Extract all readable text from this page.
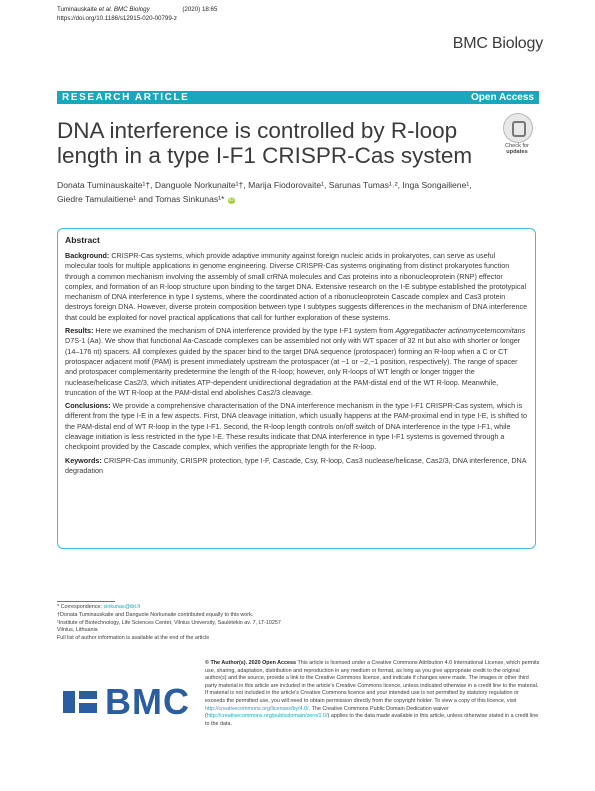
Tuminauskaite et al. BMC Biology	(2020) 18:65
https://doi.org/10.1186/s12915-020-00799-z
BMC Biology
RESEARCH ARTICLE	Open Access
DNA interference is controlled by R-loop length in a type I-F1 CRISPR-Cas system	Check for
updates
Donata Tuminauskaite¹†, Danguole Norkunaite¹†, Marija Fiodorovaite¹, Sarunas Tumas¹˒², Inga Songailiene¹,
Giedre Tamulaitiene¹ and Tomas Sinkunas¹* iD
Abstract

Background: CRISPR-Cas systems, which provide adaptive immunity against foreign nucleic acids in prokaryotes, can serve as useful molecular tools for multiple applications in genome engineering. Diverse CRISPR-Cas systems originating from distinct prokaryotes function through a common mechanism involving the assembly of small crRNA molecules and Cas proteins into a ribonucleoprotein (RNP) effector complex, and formation of an R-loop structure upon binding to the target DNA. Extensive research on the I-E subtype established the prototypical mechanism of DNA interference in type I systems, where the coordinated action of a ribonucleoprotein Cascade complex and Cas3 protein destroys foreign DNA. However, diverse protein composition between type I subtypes suggests differences in the mechanism of DNA interference that could be exploited for novel practical applications that call for further exploration of these systems.

Results: Here we examined the mechanism of DNA interference provided by the type I-F1 system from Aggregatibacter actinomycetemcomitans D7S-1 (Aa). We show that functional Aa-Cascade complexes can be assembled not only with WT spacer of 32 nt but also with shorter or longer (14–176 nt) spacers. All complexes guided by the spacer bind to the target DNA sequence (protospacer) forming an R-loop when a C or CT protospacer adjacent motif (PAM) is present immediately upstream the protospacer (at −1 or −2,−1 position, respectively). The range of spacer and protospacer complementarity predetermine the length of the R-loop; however, only R-loops of WT length or longer trigger the nuclease/helicase Cas2/3, which initiates ATP-dependent unidirectional degradation at the PAM-distal end of the WT R-loop. Meanwhile, truncation of the WT R-loop at the PAM-distal end abolishes Cas2/3 cleavage.

Conclusions: We provide a comprehensive characterisation of the DNA interference mechanism in the type I-F1 CRISPR-Cas system, which is different from the type I-E in a few aspects. First, DNA cleavage initiation, which usually happens at the PAM-proximal end in type I-E, is shifted to the PAM-distal end of WT R-loop in the type I-F1. Second, the R-loop length controls on/off switch of DNA interference in the type I-F1, while cleavage initiation is less restricted in the type I-E. These results indicate that DNA interference in type I-F1 systems is governed through a checkpoint provided by the Cascade complex, which verifies the appropriate length for the R-loop.

Keywords: CRISPR-Cas immunity, CRISPR protection, type I-F, Cascade, Csy, R-loop, Cas3 nuclease/helicase, Cas2/3, DNA interference, DNA degradation

* Correspondence: sinkunas@ibt.lt
†Donata Tuminauskaite and Danguole Norkunaite contributed equally to this work.
¹Institute of Biotechnology, Life Sciences Center, Vilnius University, Saulėtekio av. 7, LT-10257 Vilnius, Lithuania
Full list of author information is available at the end of the article
BMC
© The Author(s). 2020 Open Access This article is licensed under a Creative Commons Attribution 4.0 International License, which permits use, sharing, adaptation, distribution and reproduction in any medium or format, as long as you give appropriate credit to the original author(s) and the source, provide a link to the Creative Commons licence, and indicate if changes were made. The images or other third party material in this article are included in the article's Creative Commons licence, unless indicated otherwise in a credit line to the material. If material is not included in the article's Creative Commons licence and your intended use is not permitted by statutory regulation or exceeds the permitted use, you will need to obtain permission directly from the copyright holder. To view a copy of this licence, visit http://creativecommons.org/licenses/by/4.0/. The Creative Commons Public Domain Dedication waiver (http://creativecommons.org/publicdomain/zero/1.0/) applies to the data made available in this article, unless otherwise stated in a credit line to the data.
